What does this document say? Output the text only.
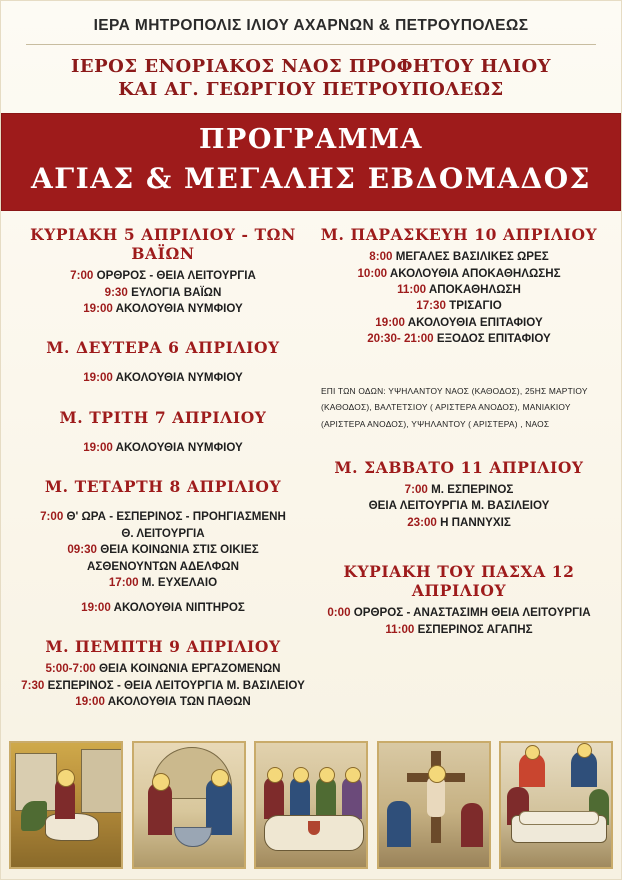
ΙΕΡΑ ΜΗΤΡΟΠΟΛΙΣ ΙΛΙΟΥ ΑΧΑΡΝΩΝ & ΠΕΤΡΟΥΠΟΛΕΩΣ
ΙΕΡΟΣ ΕΝΟΡΙΑΚΟΣ ΝΑΟΣ ΠΡΟΦΗΤΟΥ ΗΛΙΟΥ
ΚΑΙ ΑΓ. ΓΕΩΡΓΙΟΥ ΠΕΤΡΟΥΠΟΛΕΩΣ
ΠΡΟΓΡΑΜΜΑ
ΑΓΙΑΣ & ΜΕΓΑΛΗΣ ΕΒΔΟΜΑΔΟΣ
ΚΥΡΙΑΚΗ 5 ΑΠΡΙΛΙΟΥ - ΤΩΝ ΒΑΪΩΝ
7:00 ΟΡΘΡΟΣ - ΘΕΙΑ ΛΕΙΤΟΥΡΓΙΑ
9:30 ΕΥΛΟΓΙΑ ΒΑΪΩΝ
19:00 ΑΚΟΛΟΥΘΙΑ ΝΥΜΦΙΟΥ
Μ. ΔΕΥΤΕΡΑ 6 ΑΠΡΙΛΙΟΥ
19:00 ΑΚΟΛΟΥΘΙΑ ΝΥΜΦΙΟΥ
Μ. ΤΡΙΤΗ 7 ΑΠΡΙΛΙΟΥ
19:00 ΑΚΟΛΟΥΘΙΑ ΝΥΜΦΙΟΥ
Μ. ΤΕΤΑΡΤΗ 8 ΑΠΡΙΛΙΟΥ
7:00 Θ' ΩΡΑ - ΕΣΠΕΡΙΝΟΣ - ΠΡΟΗΓΙΑΣΜΕΝΗ
Θ. ΛΕΙΤΟΥΡΓΙΑ
09:30 ΘΕΙΑ ΚΟΙΝΩΝΙΑ ΣΤΙΣ ΟΙΚΙΕΣ
ΑΣΘΕΝΟΥΝΤΩΝ ΑΔΕΛΦΩΝ
17:00 Μ. ΕΥΧΕΛΑΙΟ
19:00 ΑΚΟΛΟΥΘΙΑ ΝΙΠΤΗΡΟΣ
Μ. ΠΕΜΠΤΗ 9 ΑΠΡΙΛΙΟΥ
5:00-7:00 ΘΕΙΑ ΚΟΙΝΩΝΙΑ ΕΡΓΑΖΟΜΕΝΩΝ
7:30 ΕΣΠΕΡΙΝΟΣ - ΘΕΙΑ ΛΕΙΤΟΥΡΓΙΑ Μ. ΒΑΣΙΛΕΙΟΥ
19:00 ΑΚΟΛΟΥΘΙΑ ΤΩΝ ΠΑΘΩΝ
Μ. ΠΑΡΑΣΚΕΥΗ 10 ΑΠΡΙΛΙΟΥ
8:00 ΜΕΓΑΛΕΣ ΒΑΣΙΛΙΚΕΣ ΩΡΕΣ
10:00 ΑΚΟΛΟΥΘΙΑ ΑΠΟΚΑΘΗΛΩΣΗΣ
11:00 ΑΠΟΚΑΘΗΛΩΣΗ
17:30 ΤΡΙΣΑΓΙΟ
19:00 ΑΚΟΛΟΥΘΙΑ ΕΠΙΤΑΦΙΟΥ
20:30- 21:00 ΕΞΟΔΟΣ ΕΠΙΤΑΦΙΟΥ
ΕΠΙ ΤΩΝ ΟΔΩΝ: ΥΨΗΛΑΝΤΟΥ ΝΑΟΣ (ΚΑΘΟΔΟΣ), 25ΗΣ ΜΑΡΤΙΟΥ
(ΚΑΘΟΔΟΣ), ΒΑΛΤΕΤΣΙΟΥ ( ΑΡΙΣΤΕΡΑ ΑΝΟΔΟΣ), ΜΑΝΙΑΚΙΟΥ
(ΑΡΙΣΤΕΡΑ ΑΝΟΔΟΣ), ΥΨΗΛΑΝΤΟΥ ( ΑΡΙΣΤΕΡΑ) , ΝΑΟΣ
Μ. ΣΑΒΒΑΤΟ 11 ΑΠΡΙΛΙΟΥ
7:00 Μ. ΕΣΠΕΡΙΝΟΣ
ΘΕΙΑ ΛΕΙΤΟΥΡΓΙΑ Μ. ΒΑΣΙΛΕΙΟΥ
23:00 Η ΠΑΝΝΥΧΙΣ
ΚΥΡΙΑΚΗ ΤΟΥ ΠΑΣΧΑ 12 ΑΠΡΙΛΙΟΥ
0:00 ΟΡΘΡΟΣ - ΑΝΑΣΤΑΣΙΜΗ ΘΕΙΑ ΛΕΙΤΟΥΡΓΙΑ
11:00 ΕΣΠΕΡΙΝΟΣ ΑΓΑΠΗΣ
